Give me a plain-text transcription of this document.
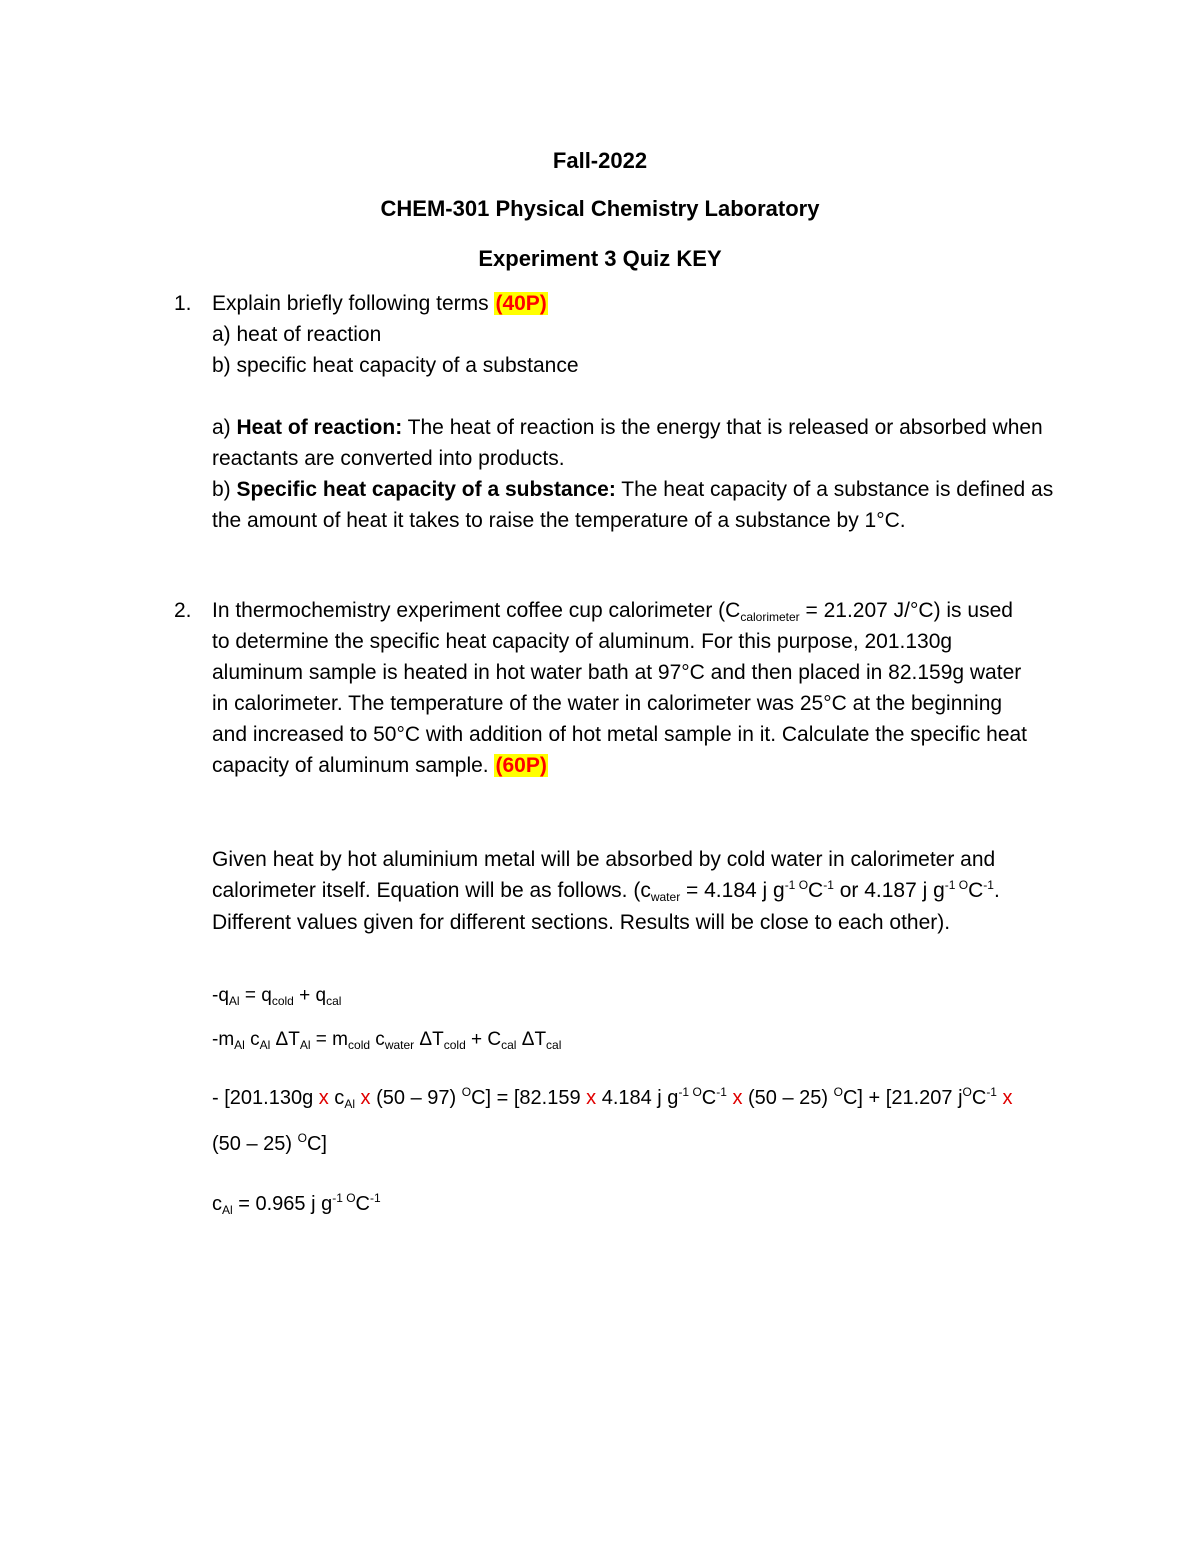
Fall-2022
CHEM-301 Physical Chemistry Laboratory
Experiment 3 Quiz KEY
1. Explain briefly following terms (40P)
a) heat of reaction
b) specific heat capacity of a substance
a) Heat of reaction: The heat of reaction is the energy that is released or absorbed when
reactants are converted into products.
b) Specific heat capacity of a substance: The heat capacity of a substance is defined as
the amount of heat it takes to raise the temperature of a substance by 1°C.
2. In thermochemistry experiment coffee cup calorimeter ($C_{calorimeter} = 21.207$ J/°C) is used
to determine the specific heat capacity of aluminum. For this purpose, 201.130g
aluminum sample is heated in hot water bath at 97°C and then placed in 82.159g water
in calorimeter. The temperature of the water in calorimeter was 25°C at the beginning
and increased to 50°C with addition of hot metal sample in it. Calculate the specific heat
capacity of aluminum sample. (60P)
Given heat by hot aluminium metal will be absorbed by cold water in calorimeter and
calorimeter itself. Equation will be as follows. ($c_{water} = 4.184$ j $g^{-1 O}C^{-1}$ or 4.187 j $g^{-1 O}C^{-1}$.
Different values given for different sections. Results will be close to each other).
$-q_{Al} = q_{cold} + q_{cal}$
$-m_{Al}$ $c_{Al}$ $\Delta T_{Al} = m_{cold}$ $c_{water}$ $\Delta T_{cold} + C_{cal}$ $\Delta T_{cal}$
- [201.130g x $c_{Al}$ x (50 – 97) $^O$C] = [82.159 x 4.184 j $g^{-1 O}C^{-1}$ x (50 – 25) $^O$C] + [21.207 $j^OC^{-1}$ x
(50 – 25) $^O$C]
$c_{Al} = 0.965$ j $g^{-1 O}C^{-1}$
